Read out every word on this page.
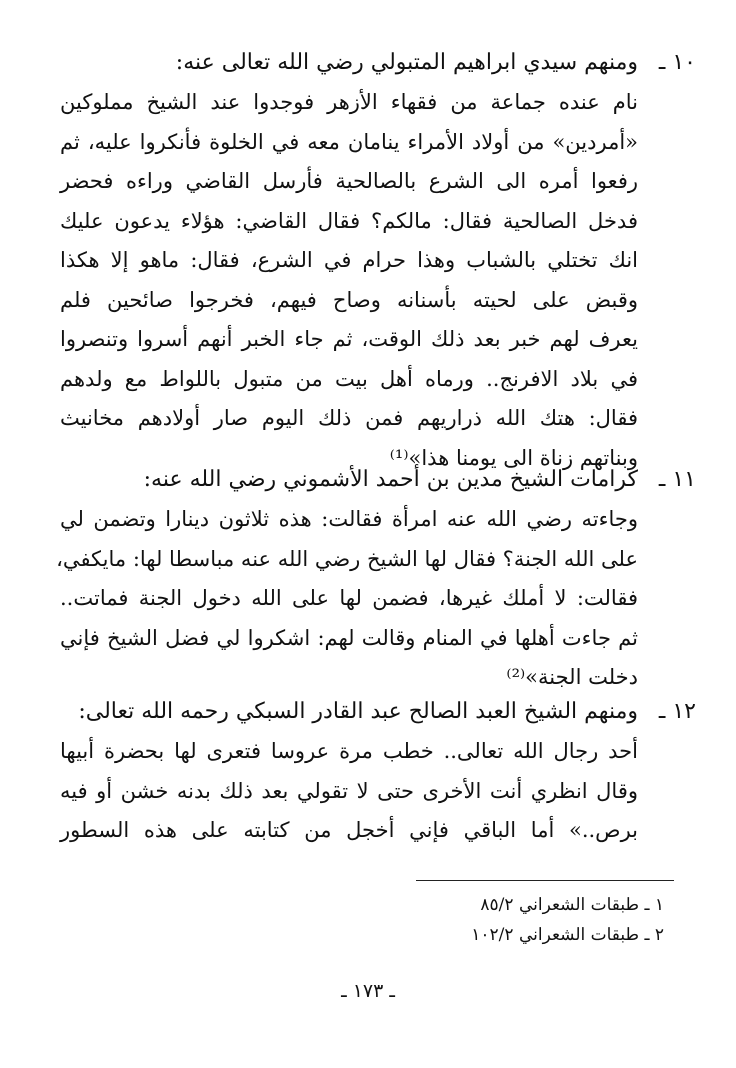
١٠ ـومنهم سيدي ابراهيم المتبولي رضي الله تعالى عنه:
نام عنده جماعة من فقهاء الأزهر فوجدوا عند الشيخ مملوكين
«أمردين» من أولاد الأمراء ينامان معه في الخلوة فأنكروا عليه، ثم
رفعوا أمره الى الشرع بالصالحية فأرسل القاضي وراءه فحضر
فدخل الصالحية فقال: مالكم؟ فقال القاضي: هؤلاء يدعون عليك
انك تختلي بالشباب وهذا حرام في الشرع، فقال: ماهو إلا هكذا
وقبض على لحيته بأسنانه وصاح فيهم، فخرجوا صائحين فلم
يعرف لهم خبر بعد ذلك الوقت، ثم جاء الخبر أنهم أسروا وتنصروا
في بلاد الافرنج.. ورماه أهل بيت من متبول باللواط مع ولدهم
فقال: هتك الله ذراريهم فمن ذلك اليوم صار أولادهم مخانيث
وبناتهم زناة الى يومنا هذا»⁽¹⁾
١١ ـكرامات الشيخ مدين بن أحمد الأشموني رضي الله عنه:
وجاءته رضي الله عنه امرأة فقالت: هذه ثلاثون دينارا وتضمن لي
على الله الجنة؟ فقال لها الشيخ رضي الله عنه مباسطا لها: مايكفي،
فقالت: لا أملك غيرها، فضمن لها على الله دخول الجنة فماتت..
ثم جاءت أهلها في المنام وقالت لهم: اشكروا لي فضل الشيخ فإني
دخلت الجنة»⁽²⁾
١٢ ـومنهم الشيخ العبد الصالح عبد القادر السبكي رحمه الله تعالى:
أحد رجال الله تعالى.. خطب مرة عروسا فتعرى لها بحضرة أبيها
وقال انظري أنت الأخرى حتى لا تقولي بعد ذلك بدنه خشن أو فيه
برص..» أما الباقي فإني أخجل من كتابته على هذه السطور
١ ـ طبقات الشعراني ٨٥/٢
٢ ـ طبقات الشعراني ١٠٢/٢
ـ ١٧٣ ـ
